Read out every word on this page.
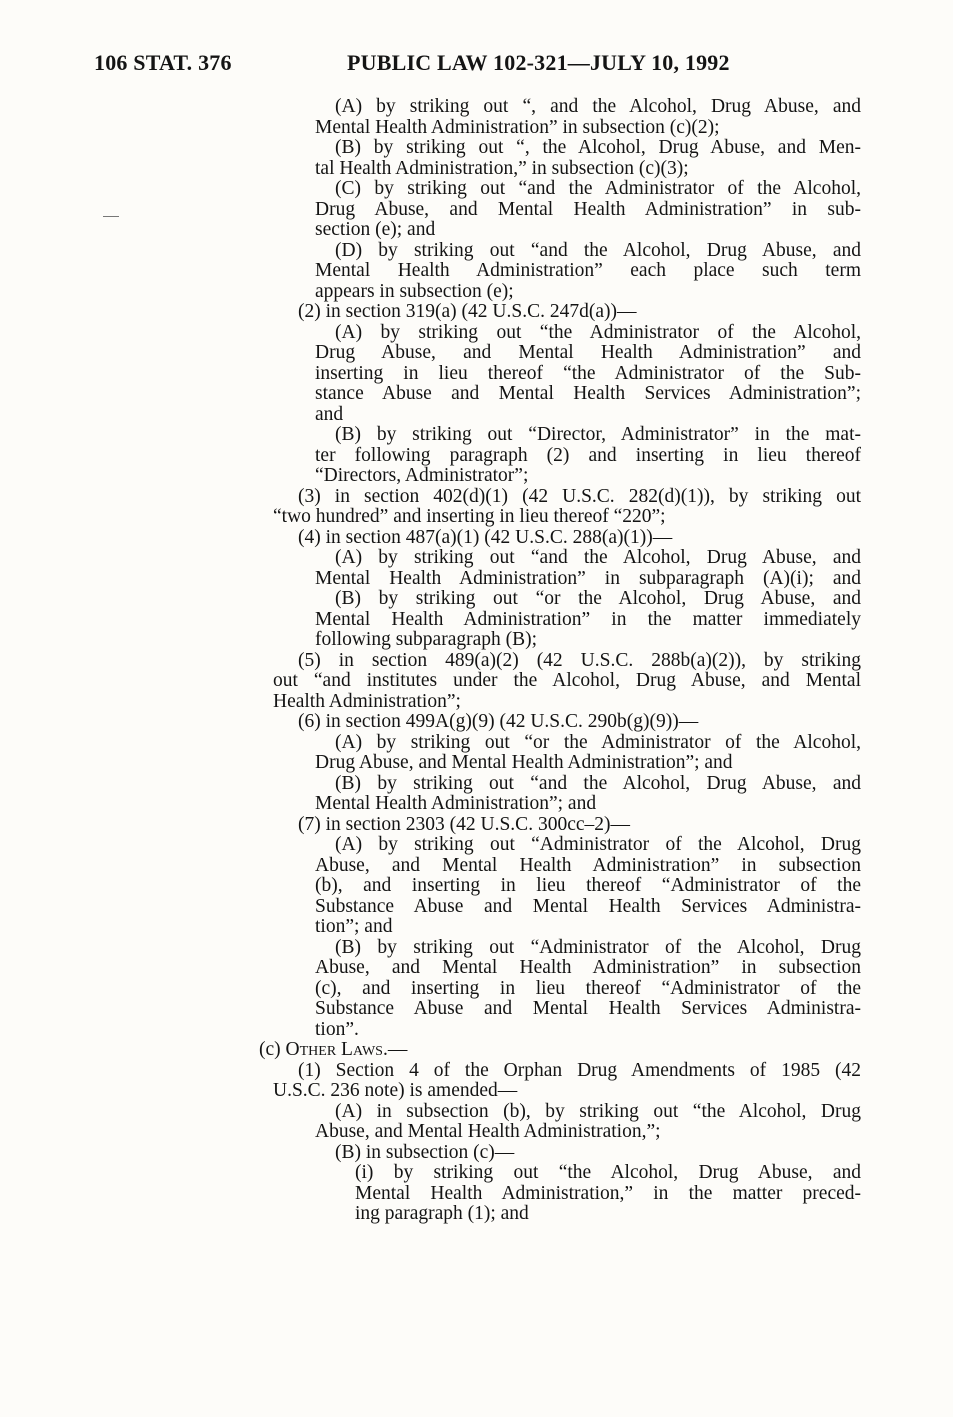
106 STAT. 376	PUBLIC LAW 102-321—JULY 10, 1992
(A) by striking out “, and the Alcohol, Drug Abuse, and
Mental Health Administration” in subsection (c)(2);
(B) by striking out “, the Alcohol, Drug Abuse, and Men-
tal Health Administration,” in subsection (c)(3);
(C) by striking out “and the Administrator of the Alcohol,
Drug Abuse, and Mental Health Administration” in sub-
section (e); and
(D) by striking out “and the Alcohol, Drug Abuse, and
Mental Health Administration” each place such term
appears in subsection (e);
(2) in section 319(a) (42 U.S.C. 247d(a))—
(A) by striking out “the Administrator of the Alcohol,
Drug Abuse, and Mental Health Administration” and
inserting in lieu thereof “the Administrator of the Sub-
stance Abuse and Mental Health Services Administration”;
and
(B) by striking out “Director, Administrator” in the mat-
ter following paragraph (2) and inserting in lieu thereof
“Directors, Administrator”;
(3) in section 402(d)(1) (42 U.S.C. 282(d)(1)), by striking out
“two hundred” and inserting in lieu thereof “220”;
(4) in section 487(a)(1) (42 U.S.C. 288(a)(1))—
(A) by striking out “and the Alcohol, Drug Abuse, and
Mental Health Administration” in subparagraph (A)(i); and
(B) by striking out “or the Alcohol, Drug Abuse, and
Mental Health Administration” in the matter immediately
following subparagraph (B);
(5) in section 489(a)(2) (42 U.S.C. 288b(a)(2)), by striking
out “and institutes under the Alcohol, Drug Abuse, and Mental
Health Administration”;
(6) in section 499A(g)(9) (42 U.S.C. 290b(g)(9))—
(A) by striking out “or the Administrator of the Alcohol,
Drug Abuse, and Mental Health Administration”; and
(B) by striking out “and the Alcohol, Drug Abuse, and
Mental Health Administration”; and
(7) in section 2303 (42 U.S.C. 300cc–2)—
(A) by striking out “Administrator of the Alcohol, Drug
Abuse, and Mental Health Administration” in subsection
(b), and inserting in lieu thereof “Administrator of the
Substance Abuse and Mental Health Services Administra-
tion”; and
(B) by striking out “Administrator of the Alcohol, Drug
Abuse, and Mental Health Administration” in subsection
(c), and inserting in lieu thereof “Administrator of the
Substance Abuse and Mental Health Services Administra-
tion”.
(c) Other Laws.—
(1) Section 4 of the Orphan Drug Amendments of 1985 (42
U.S.C. 236 note) is amended—
(A) in subsection (b), by striking out “the Alcohol, Drug
Abuse, and Mental Health Administration,”;
(B) in subsection (c)—
(i) by striking out “the Alcohol, Drug Abuse, and
Mental Health Administration,” in the matter preced-
ing paragraph (1); and
